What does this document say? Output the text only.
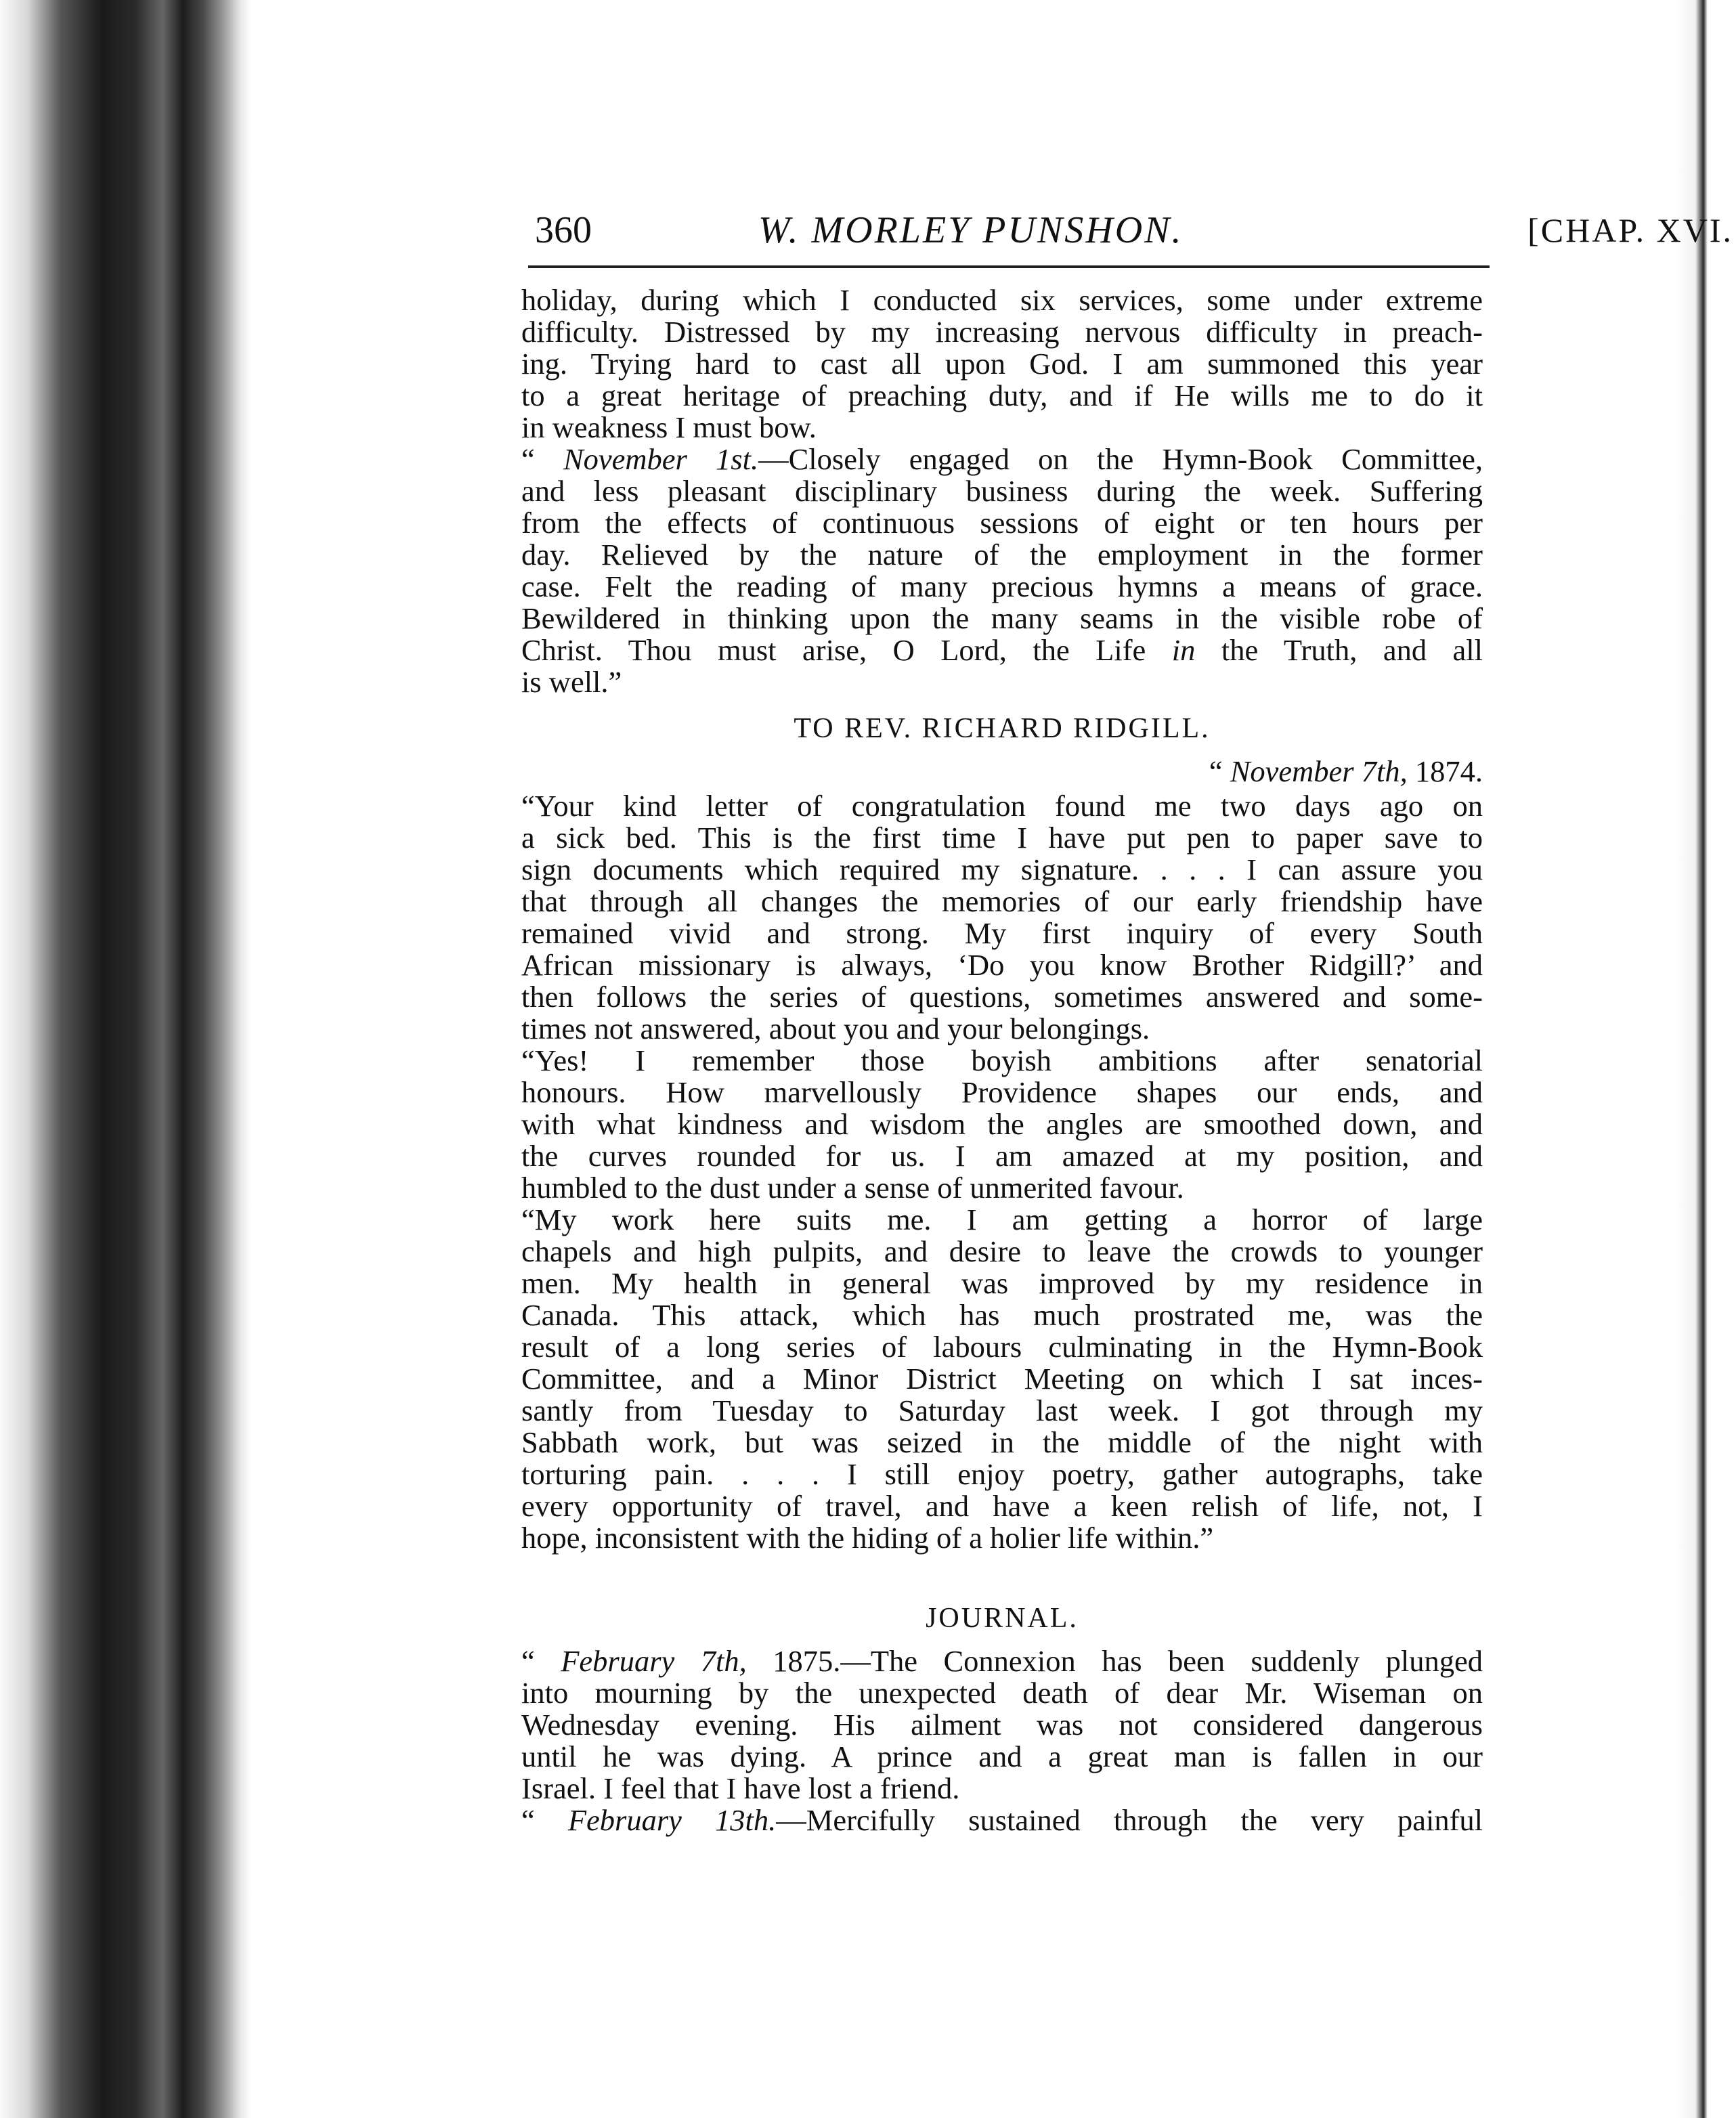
360	W. MORLEY PUNSHON.	[CHAP. XVI.

holiday, during which I conducted six services, some under extreme
difficulty. Distressed by my increasing nervous difficulty in preach-
ing. Trying hard to cast all upon God. I am summoned this year
to a great heritage of preaching duty, and if He wills me to do it
in weakness I must bow.

“ November 1st.—Closely engaged on the Hymn-Book Committee,
and less pleasant disciplinary business during the week. Suffering
from the effects of continuous sessions of eight or ten hours per
day. Relieved by the nature of the employment in the former
case. Felt the reading of many precious hymns a means of grace.
Bewildered in thinking upon the many seams in the visible robe of
Christ. Thou must arise, O Lord, the Life in the Truth, and all
is well.”

TO REV. RICHARD RIDGILL.
“ November 7th, 1874.

“Your kind letter of congratulation found me two days ago on
a sick bed. This is the first time I have put pen to paper save to
sign documents which required my signature. . . . I can assure you
that through all changes the memories of our early friendship have
remained vivid and strong. My first inquiry of every South
African missionary is always, ‘Do you know Brother Ridgill?’ and
then follows the series of questions, sometimes answered and some-
times not answered, about you and your belongings.

“Yes! I remember those boyish ambitions after senatorial
honours. How marvellously Providence shapes our ends, and
with what kindness and wisdom the angles are smoothed down, and
the curves rounded for us. I am amazed at my position, and
humbled to the dust under a sense of unmerited favour.

“My work here suits me. I am getting a horror of large
chapels and high pulpits, and desire to leave the crowds to younger
men. My health in general was improved by my residence in
Canada. This attack, which has much prostrated me, was the
result of a long series of labours culminating in the Hymn-Book
Committee, and a Minor District Meeting on which I sat inces-
santly from Tuesday to Saturday last week. I got through my
Sabbath work, but was seized in the middle of the night with
torturing pain. . . . I still enjoy poetry, gather autographs, take
every opportunity of travel, and have a keen relish of life, not, I
hope, inconsistent with the hiding of a holier life within.”

JOURNAL.

“ February 7th, 1875.—The Connexion has been suddenly plunged
into mourning by the unexpected death of dear Mr. Wiseman on
Wednesday evening. His ailment was not considered dangerous
until he was dying. A prince and a great man is fallen in our
Israel. I feel that I have lost a friend.

“ February 13th.—Mercifully sustained through the very painful
